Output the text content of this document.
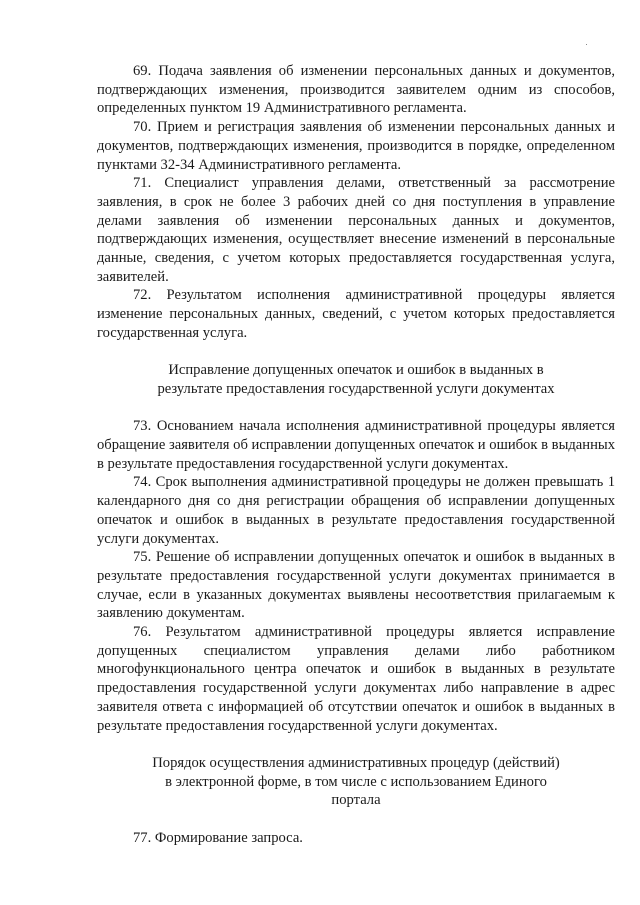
69. Подача заявления об изменении персональных данных и документов, подтверждающих изменения, производится заявителем одним из способов, определенных пунктом 19 Административного регламента.

70. Прием и регистрация заявления об изменении персональных данных и документов, подтверждающих изменения, производится в порядке, определенном пунктами 32-34 Административного регламента.

71. Специалист управления делами, ответственный за рассмотрение заявления, в срок не более 3 рабочих дней со дня поступления в управление делами заявления об изменении персональных данных и документов, подтверждающих изменения, осуществляет внесение изменений в персональные данные, сведения, с учетом которых предоставляется государственная услуга, заявителей.

72. Результатом исполнения административной процедуры является изменение персональных данных, сведений, с учетом которых предоставляется государственная услуга.

Исправление допущенных опечаток и ошибок в выданных в результате предоставления государственной услуги документах

73. Основанием начала исполнения административной процедуры является обращение заявителя об исправлении допущенных опечаток и ошибок в выданных в результате предоставления государственной услуги документах.

74. Срок выполнения административной процедуры не должен превышать 1 календарного дня со дня регистрации обращения об исправлении допущенных опечаток и ошибок в выданных в результате предоставления государственной услуги документах.

75. Решение об исправлении допущенных опечаток и ошибок в выданных в результате предоставления государственной услуги документах принимается в случае, если в указанных документах выявлены несоответствия прилагаемым к заявлению документам.

76. Результатом административной процедуры является исправление допущенных специалистом управления делами либо работником многофункционального центра опечаток и ошибок в выданных в результате предоставления государственной услуги документах либо направление в адрес заявителя ответа с информацией об отсутствии опечаток и ошибок в выданных в результате предоставления государственной услуги документах.

Порядок осуществления административных процедур (действий) в электронной форме, в том числе с использованием Единого портала

77. Формирование запроса.
